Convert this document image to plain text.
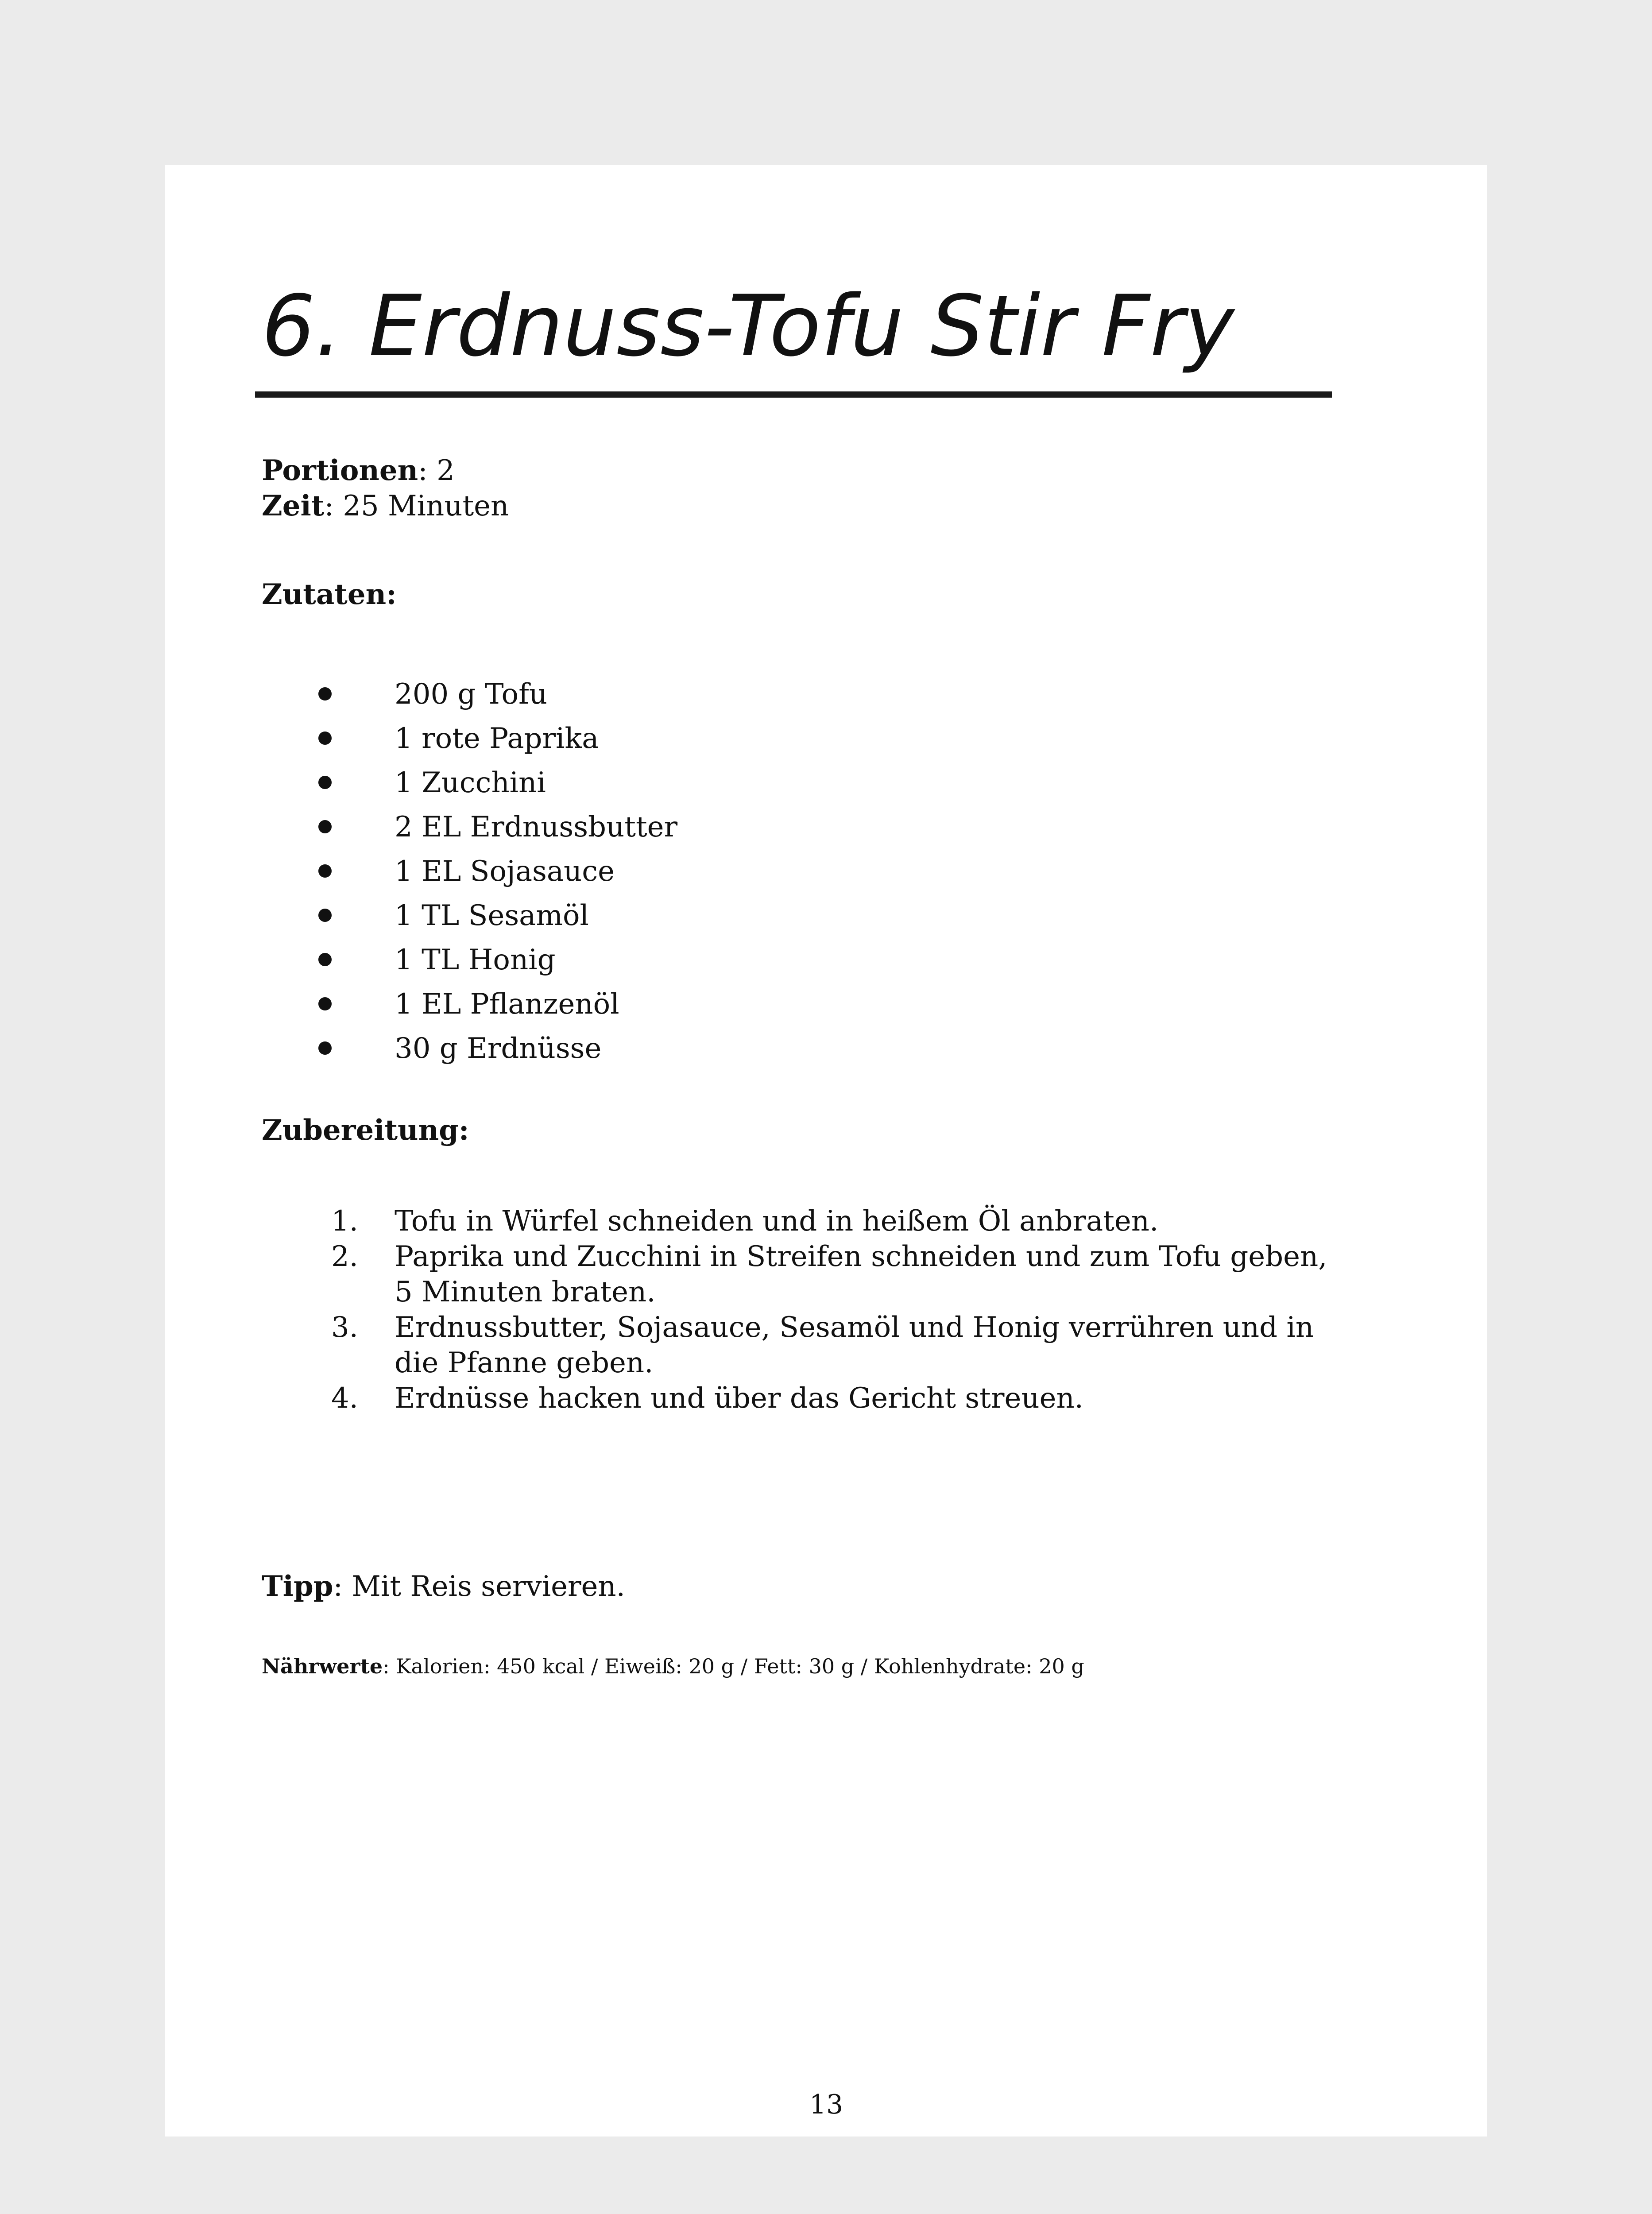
6. Erdnuss-Tofu Stir Fry
Portionen: 2
Zeit: 25 Minuten
Zutaten:
200 g Tofu
1 rote Paprika
1 Zucchini
2 EL Erdnussbutter
1 EL Sojasauce
1 TL Sesamöl
1 TL Honig
1 EL Pflanzenöl
30 g Erdnüsse
Zubereitung:
1. Tofu in Würfel schneiden und in heißem Öl anbraten.
2. Paprika und Zucchini in Streifen schneiden und zum Tofu geben, 5 Minuten braten.
3. Erdnussbutter, Sojasauce, Sesamöl und Honig verrühren und in die Pfanne geben.
4. Erdnüsse hacken und über das Gericht streuen.
Tipp: Mit Reis servieren.
Nährwerte: Kalorien: 450 kcal / Eiweiß: 20 g / Fett: 30 g / Kohlenhydrate: 20 g
13
